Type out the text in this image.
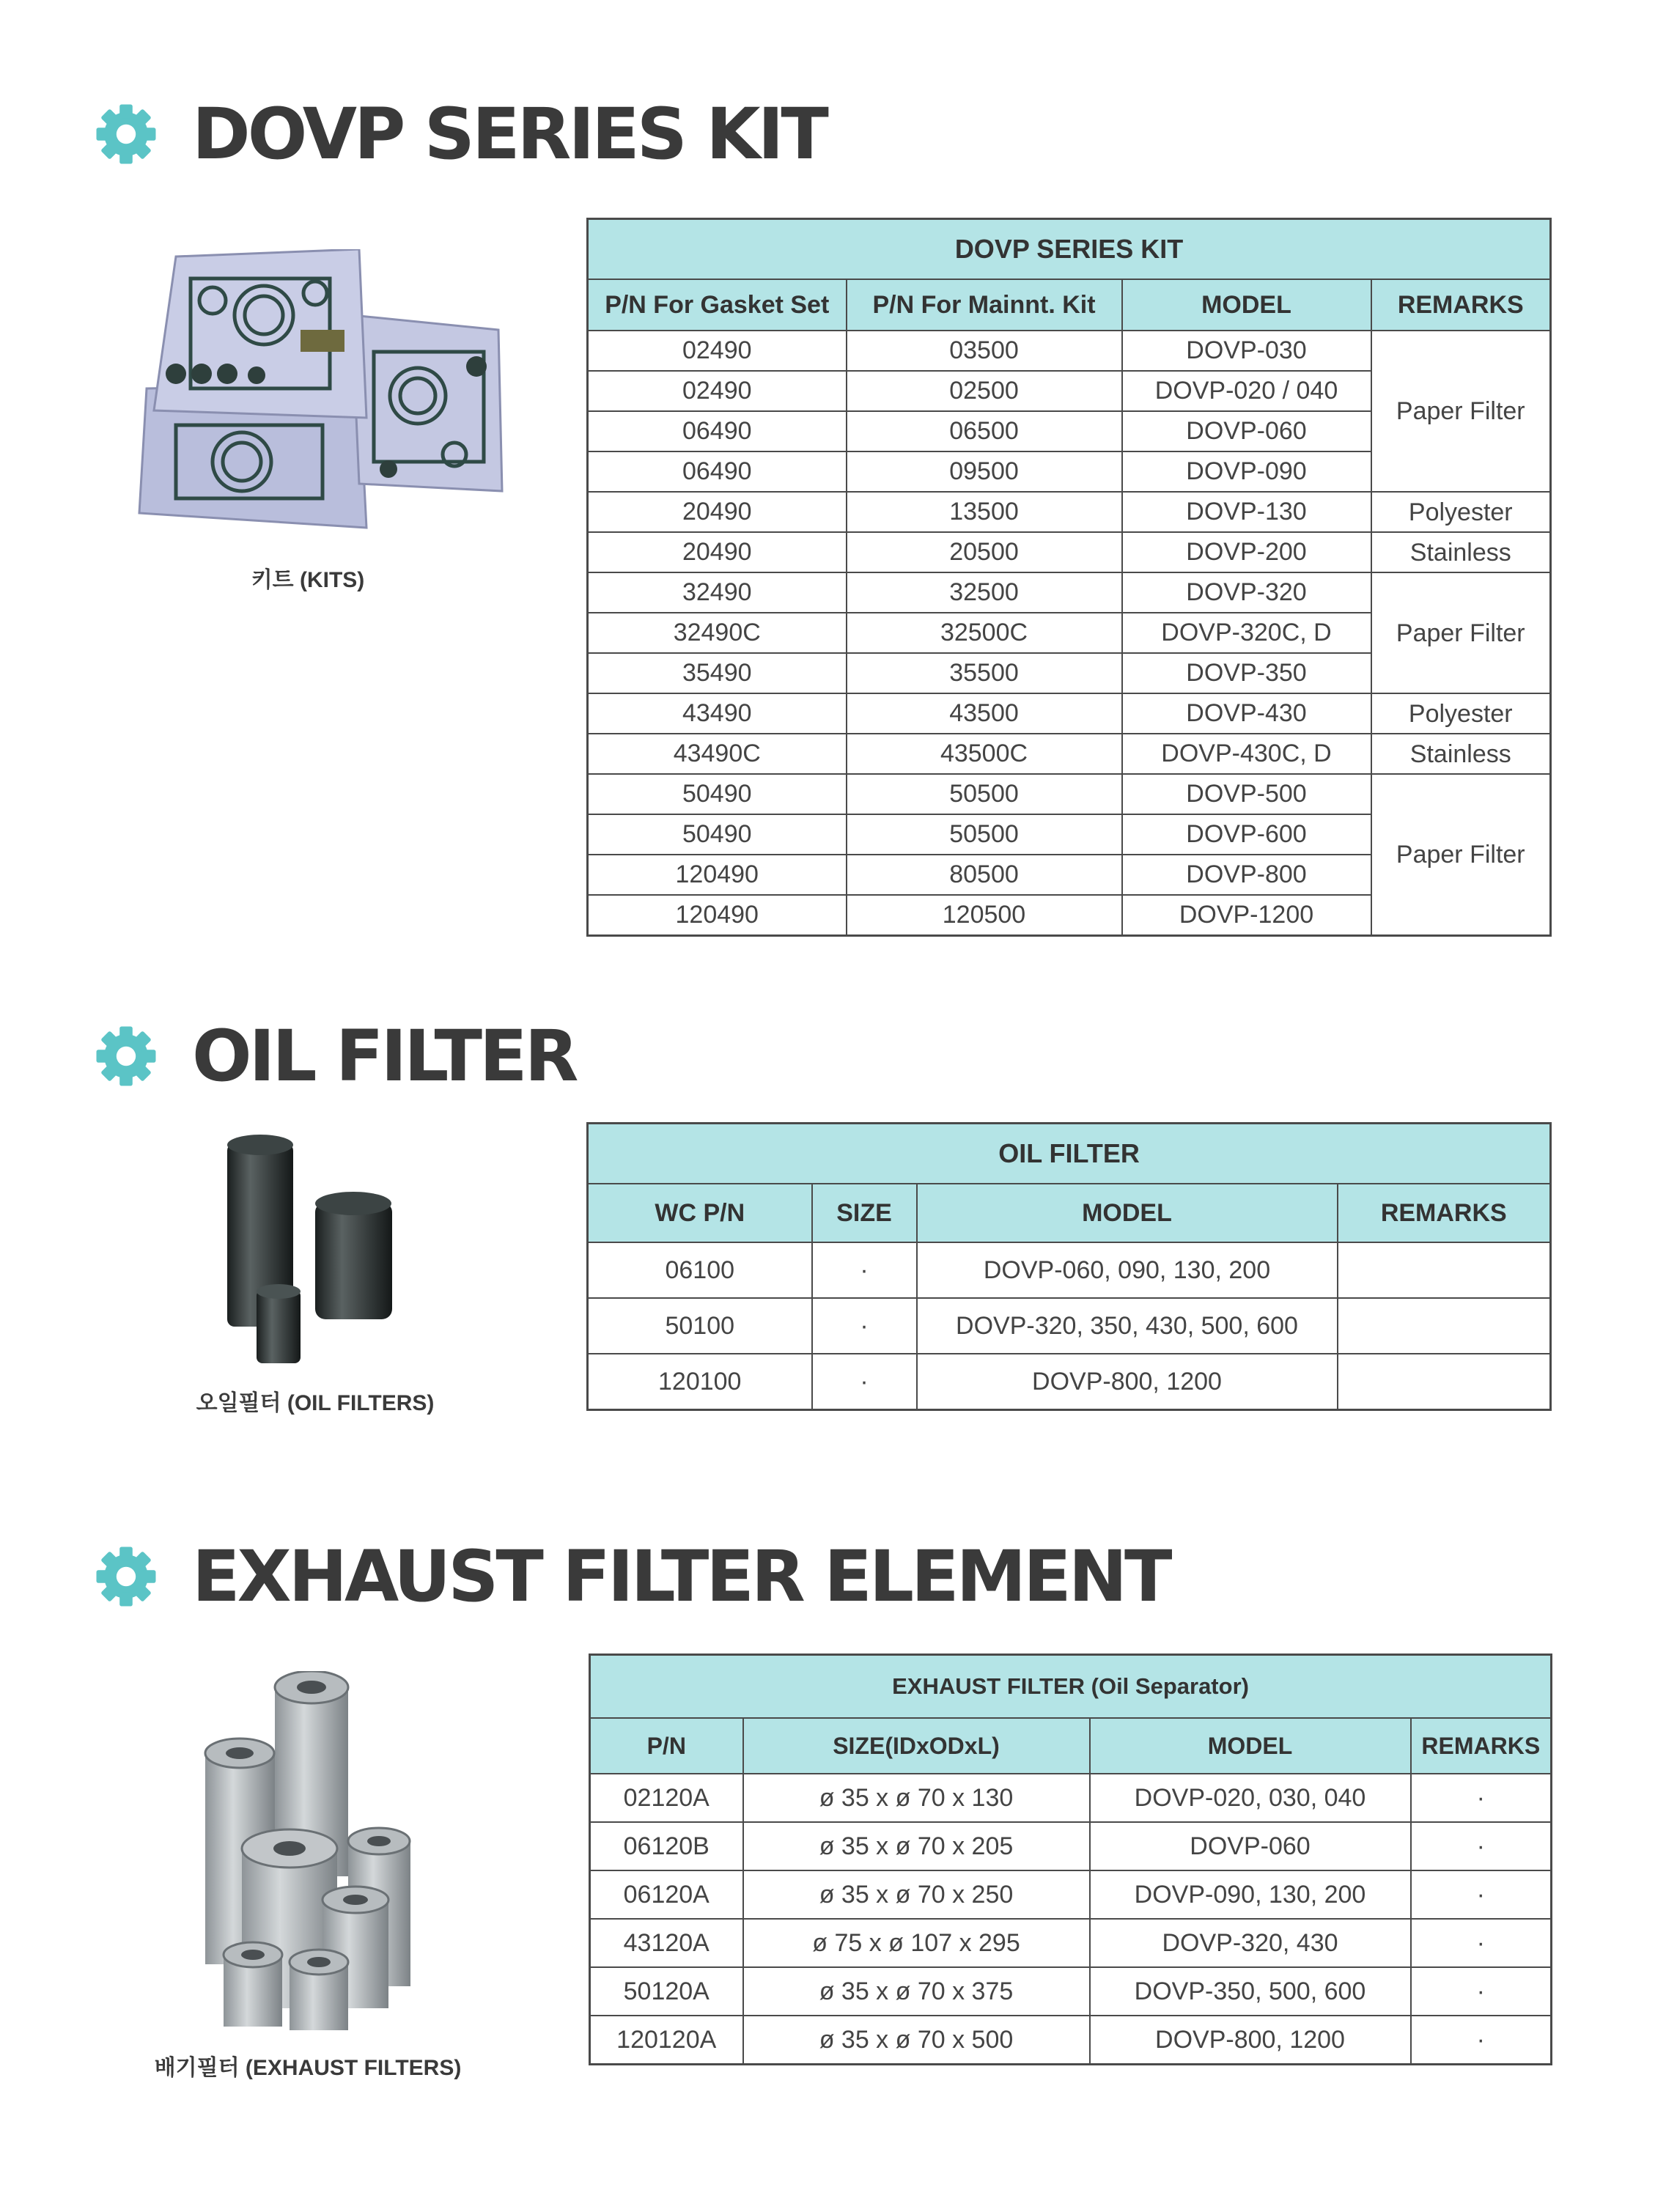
DOVP SERIES KIT
키트 (KITS)
DOVP SERIES KIT			
P/N For Gasket Set	P/N For Mainnt. Kit	MODEL	REMARKS
02490	03500	DOVP-030	Paper Filter
02490	02500	DOVP-020 / 040	
06490	06500	DOVP-060	
06490	09500	DOVP-090	
20490	13500	DOVP-130	Polyester
20490	20500	DOVP-200	Stainless
32490	32500	DOVP-320	Paper Filter
32490C	32500C	DOVP-320C, D	
35490	35500	DOVP-350	
43490	43500	DOVP-430	Polyester
43490C	43500C	DOVP-430C, D	Stainless
50490	50500	DOVP-500	Paper Filter
50490	50500	DOVP-600	
120490	80500	DOVP-800	
120490	120500	DOVP-1200	
OIL FILTER
오일필터 (OIL FILTERS)
OIL FILTER			
WC P/N	SIZE	MODEL	REMARKS
06100	·	DOVP-060, 090, 130, 200	
50100	·	DOVP-320, 350, 430, 500, 600	
120100	·	DOVP-800, 1200	
EXHAUST FILTER ELEMENT
배기필터 (EXHAUST FILTERS)
EXHAUST FILTER (Oil Separator)			
P/N	SIZE(IDxODxL)	MODEL	REMARKS
02120A	ø 35 x ø 70 x 130	DOVP-020, 030, 040	·
06120B	ø 35 x ø 70 x 205	DOVP-060	·
06120A	ø 35 x ø 70 x 250	DOVP-090, 130, 200	·
43120A	ø 75 x ø 107 x 295	DOVP-320, 430	·
50120A	ø 35 x ø 70 x 375	DOVP-350, 500, 600	·
120120A	ø 35 x ø 70 x 500	DOVP-800, 1200	·
